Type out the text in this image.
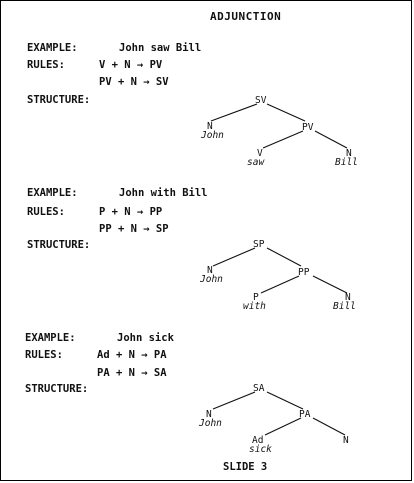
ADJUNCTION
EXAMPLE:	John saw Bill
RULES:	V + N → PV
PV + N → SV
STRUCTURE:
EXAMPLE:	John with Bill
RULES:	P + N → PP
PP + N → SP
STRUCTURE:
EXAMPLE:	John sick
RULES:	Ad + N → PA
PA + N → SA
STRUCTURE:
SV
N
John
PV
V
saw
N
Bill
SP
N
John
PP
P
with
N
Bill
SA
N
John
PA
Ad
sick
N
SLIDE 3
